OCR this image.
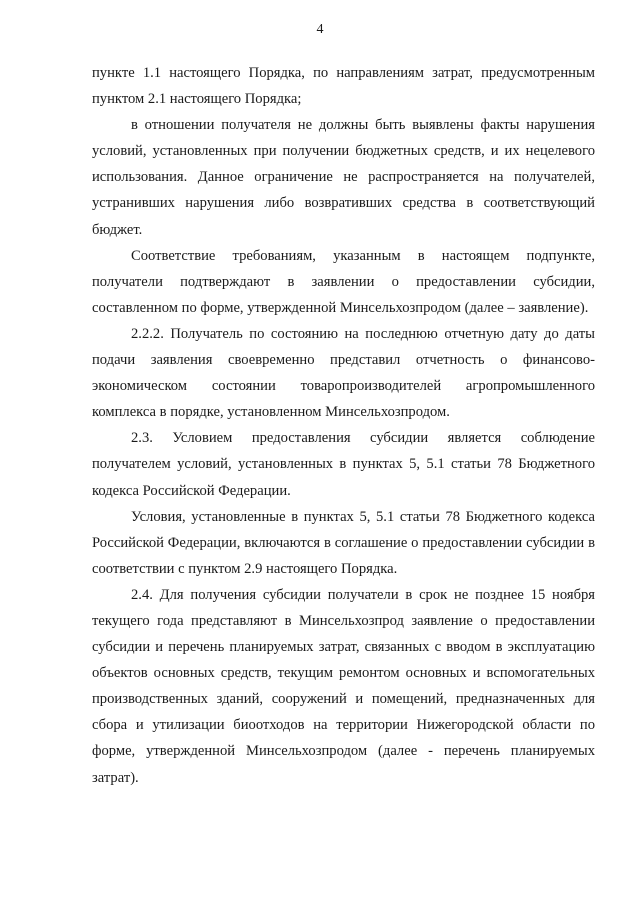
4

пункте 1.1 настоящего Порядка, по направлениям затрат, предусмотренным пунктом 2.1 настоящего Порядка;

в отношении получателя не должны быть выявлены факты нарушения условий, установленных при получении бюджетных средств, и их нецелевого использования. Данное ограничение не распространяется на получателей, устранивших нарушения либо возвративших средства в соответствующий бюджет.

Соответствие требованиям, указанным в настоящем подпункте, получатели подтверждают в заявлении о предоставлении субсидии, составленном по форме, утвержденной Минсельхозпродом (далее – заявление).

2.2.2. Получатель по состоянию на последнюю отчетную дату до даты подачи заявления своевременно представил отчетность о финансово-экономическом состоянии товаропроизводителей агропромышленного комплекса в порядке, установленном Минсельхозпродом.

2.3. Условием предоставления субсидии является соблюдение получателем условий, установленных в пунктах 5, 5.1 статьи 78 Бюджетного кодекса Российской Федерации.

Условия, установленные в пунктах 5, 5.1 статьи 78 Бюджетного кодекса Российской Федерации, включаются в соглашение о предоставлении субсидии в соответствии с пунктом 2.9 настоящего Порядка.

2.4. Для получения субсидии получатели в срок не позднее 15 ноября текущего года представляют в Минсельхозпрод заявление о предоставлении субсидии и перечень планируемых затрат, связанных с вводом в эксплуатацию объектов основных средств, текущим ремонтом основных и вспомогательных производственных зданий, сооружений и помещений, предназначенных для сбора и утилизации биоотходов на территории Нижегородской области по форме, утвержденной Минсельхозпродом (далее - перечень планируемых затрат).
